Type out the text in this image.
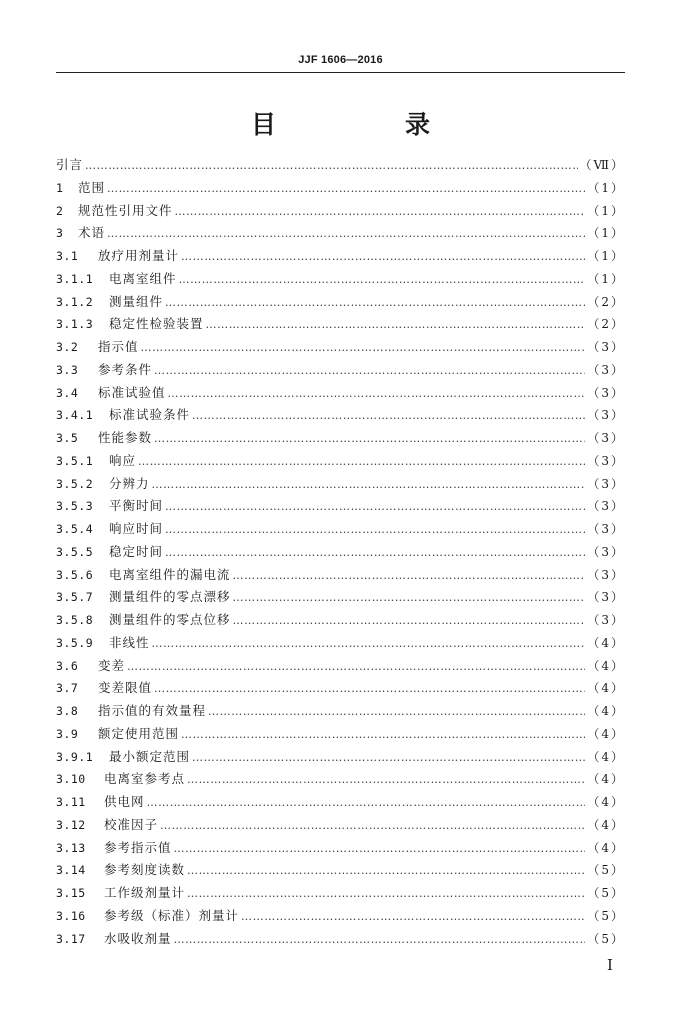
JJF 1606—2016
目　录
引言 ………………………………………………………………………………………………………………………………………………………………………………………………………	（Ⅶ）
1	范围 ………………………………………………………………………………………………………………………………………………………………………………………………………	（1）
2	规范性引用文件 ………………………………………………………………………………………………………………………………………………………………………………………………………	（1）
3	术语 ………………………………………………………………………………………………………………………………………………………………………………………………………	（1）
3.1	放疗用剂量计 ………………………………………………………………………………………………………………………………………………………………………………………………………	（1）
3.1.1	电离室组件 ………………………………………………………………………………………………………………………………………………………………………………………………………	（1）
3.1.2	测量组件 ………………………………………………………………………………………………………………………………………………………………………………………………………	（2）
3.1.3	稳定性检验装置 ………………………………………………………………………………………………………………………………………………………………………………………………………	（2）
3.2	指示值 ………………………………………………………………………………………………………………………………………………………………………………………………………	（3）
3.3	参考条件 ………………………………………………………………………………………………………………………………………………………………………………………………………	（3）
3.4	标准试验值 ………………………………………………………………………………………………………………………………………………………………………………………………………	（3）
3.4.1	标准试验条件 ………………………………………………………………………………………………………………………………………………………………………………………………………	（3）
3.5	性能参数 ………………………………………………………………………………………………………………………………………………………………………………………………………	（3）
3.5.1	响应 ………………………………………………………………………………………………………………………………………………………………………………………………………	（3）
3.5.2	分辨力 ………………………………………………………………………………………………………………………………………………………………………………………………………	（3）
3.5.3	平衡时间 ………………………………………………………………………………………………………………………………………………………………………………………………………	（3）
3.5.4	响应时间 ………………………………………………………………………………………………………………………………………………………………………………………………………	（3）
3.5.5	稳定时间 ………………………………………………………………………………………………………………………………………………………………………………………………………	（3）
3.5.6	电离室组件的漏电流 ………………………………………………………………………………………………………………………………………………………………………………………………………	（3）
3.5.7	测量组件的零点漂移 ………………………………………………………………………………………………………………………………………………………………………………………………………	（3）
3.5.8	测量组件的零点位移 ………………………………………………………………………………………………………………………………………………………………………………………………………	（3）
3.5.9	非线性 ………………………………………………………………………………………………………………………………………………………………………………………………………	（4）
3.6	变差 ………………………………………………………………………………………………………………………………………………………………………………………………………	（4）
3.7	变差限值 ………………………………………………………………………………………………………………………………………………………………………………………………………	（4）
3.8	指示值的有效量程 ………………………………………………………………………………………………………………………………………………………………………………………………………	（4）
3.9	额定使用范围 ………………………………………………………………………………………………………………………………………………………………………………………………………	（4）
3.9.1	最小额定范围 ………………………………………………………………………………………………………………………………………………………………………………………………………	（4）
3.10	电离室参考点 ………………………………………………………………………………………………………………………………………………………………………………………………………	（4）
3.11	供电网 ………………………………………………………………………………………………………………………………………………………………………………………………………	（4）
3.12	校准因子 ………………………………………………………………………………………………………………………………………………………………………………………………………	（4）
3.13	参考指示值 ………………………………………………………………………………………………………………………………………………………………………………………………………	（4）
3.14	参考刻度读数 ………………………………………………………………………………………………………………………………………………………………………………………………………	（5）
3.15	工作级剂量计 ………………………………………………………………………………………………………………………………………………………………………………………………………	（5）
3.16	参考级（标准）剂量计 ………………………………………………………………………………………………………………………………………………………………………………………………………	（5）
3.17	水吸收剂量 ………………………………………………………………………………………………………………………………………………………………………………………………………	（5）
I
